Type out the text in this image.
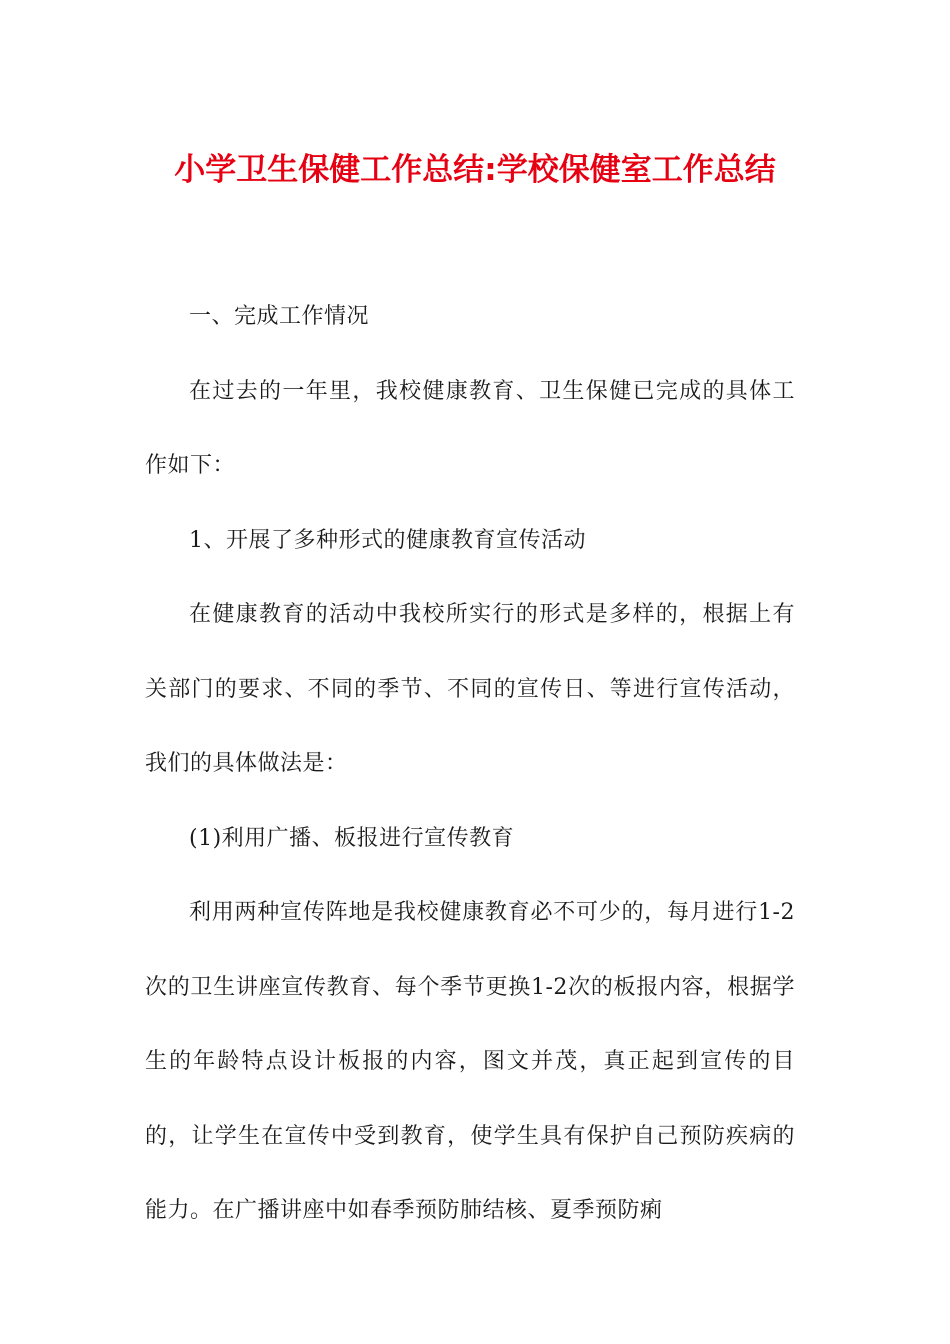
小学卫生保健工作总结:学校保健室工作总结

一、完成工作情况

在过去的一年里，我校健康教育、卫生保健已完成的具体工作如下：

1、开展了多种形式的健康教育宣传活动

在健康教育的活动中我校所实行的形式是多样的，根据上有关部门的要求、不同的季节、不同的宣传日、等进行宣传活动，我们的具体做法是：

(1)利用广播、板报进行宣传教育

利用两种宣传阵地是我校健康教育必不可少的，每月进行1-2次的卫生讲座宣传教育、每个季节更换1-2次的板报内容，根据学生的年龄特点设计板报的内容，图文并茂，真正起到宣传的目的，让学生在宣传中受到教育，使学生具有保护自己预防疾病的能力。在广播讲座中如春季预防肺结核、夏季预防痢
